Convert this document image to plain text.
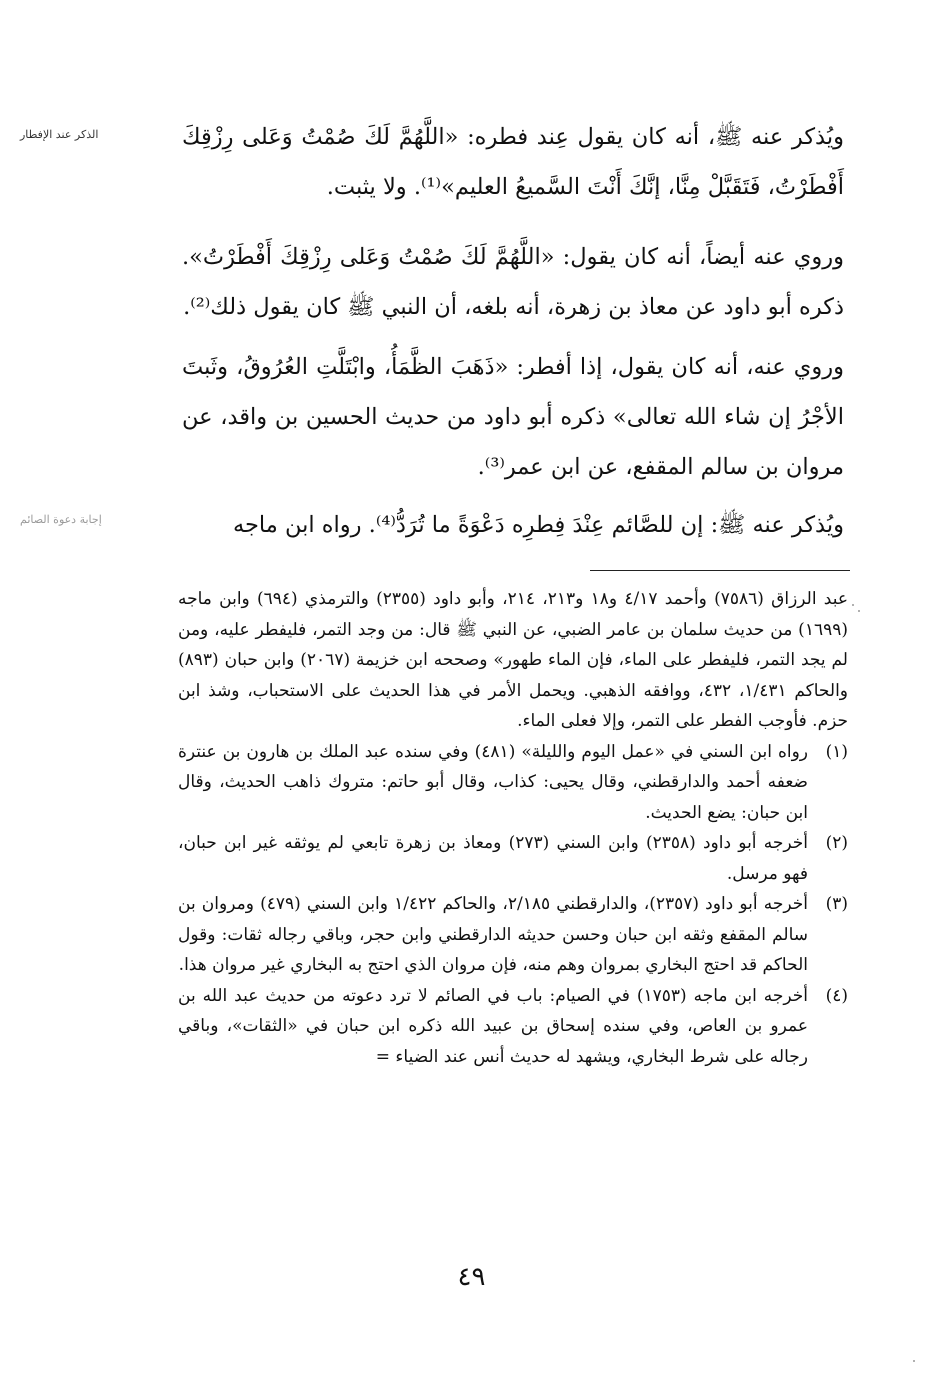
الذكر عند الإفطار	ويُذكر عنه ﷺ، أنه كان يقول عِند فطره: «اللَّهُمَّ لَكَ صُمْتُ وَعَلى رِزْقِكَ أَفْطَرْتُ، فَتَقَبَّلْ مِنَّا، إنَّكَ أَنْتَ السَّميعُ العليم»⁽¹⁾. ولا يثبت.

وروي عنه أيضاً، أنه كان يقول: «اللَّهُمَّ لَكَ صُمْتُ وَعَلى رِزْقِكَ أَفْطَرْتُ». ذكره أبو داود عن معاذ بن زهرة، أنه بلغه، أن النبي ﷺ كان يقول ذلك⁽²⁾.

وروي عنه، أنه كان يقول، إذا أفطر: «ذَهَبَ الظَّمَأُ، وابْتَلَّتِ العُرُوقُ، وثَبتَ الأجْرُ إن شاء الله تعالى» ذكره أبو داود من حديث الحسين بن واقد، عن مروان بن سالم المقفع، عن ابن عمر⁽³⁾.

إجابة دعوة الصائم	ويُذكر عنه ﷺ: إن للصَّائم عِنْدَ فِطرِه دَعْوَةً ما تُرَدُّ⁽⁴⁾. رواه ابن ماجه

عبد الرزاق (٧٥٨٦) وأحمد ٤/١٧ و١٨ و٢١٣، ٢١٤، وأبو داود (٢٣٥٥) والترمذي (٦٩٤) وابن ماجه (١٦٩٩) من حديث سلمان بن عامر الضبي، عن النبي ﷺ قال: من وجد التمر، فليفطر عليه، ومن لم يجد التمر، فليفطر على الماء، فإن الماء طهور» وصححه ابن خزيمة (٢٠٦٧) وابن حبان (٨٩٣) والحاكم ١/٤٣١، ٤٣٢، ووافقه الذهبي. ويحمل الأمر في هذا الحديث على الاستحباب، وشذ ابن حزم. فأوجب الفطر على التمر، وإلا فعلى الماء.

(١)
رواه ابن السني في «عمل اليوم والليلة» (٤٨١) وفي سنده عبد الملك بن هارون بن عنترة ضعفه أحمد والدارقطني، وقال يحيى: كذاب، وقال أبو حاتم: متروك ذاهب الحديث، وقال ابن حبان: يضع الحديث.
(٢)
أخرجه أبو داود (٢٣٥٨) وابن السني (٢٧٣) ومعاذ بن زهرة تابعي لم يوثقه غير ابن حبان، فهو مرسل.
(٣)
أخرجه أبو داود (٢٣٥٧)، والدارقطني ٢/١٨٥، والحاكم ١/٤٢٢ وابن السني (٤٧٩) ومروان بن سالم المقفع وثقه ابن حبان وحسن حديثه الدارقطني وابن حجر، وباقي رجاله ثقات: وقول الحاكم قد احتج البخاري بمروان وهم منه، فإن مروان الذي احتج به البخاري غير مروان هذا.
(٤)
أخرجه ابن ماجه (١٧٥٣) في الصيام: باب في الصائم لا ترد دعوته من حديث عبد الله بن عمرو بن العاص، وفي سنده إسحاق بن عبيد الله ذكره ابن حبان في «الثقات»، وباقي رجاله على شرط البخاري، ويشهد له حديث أنس عند الضياء =
٤٩
